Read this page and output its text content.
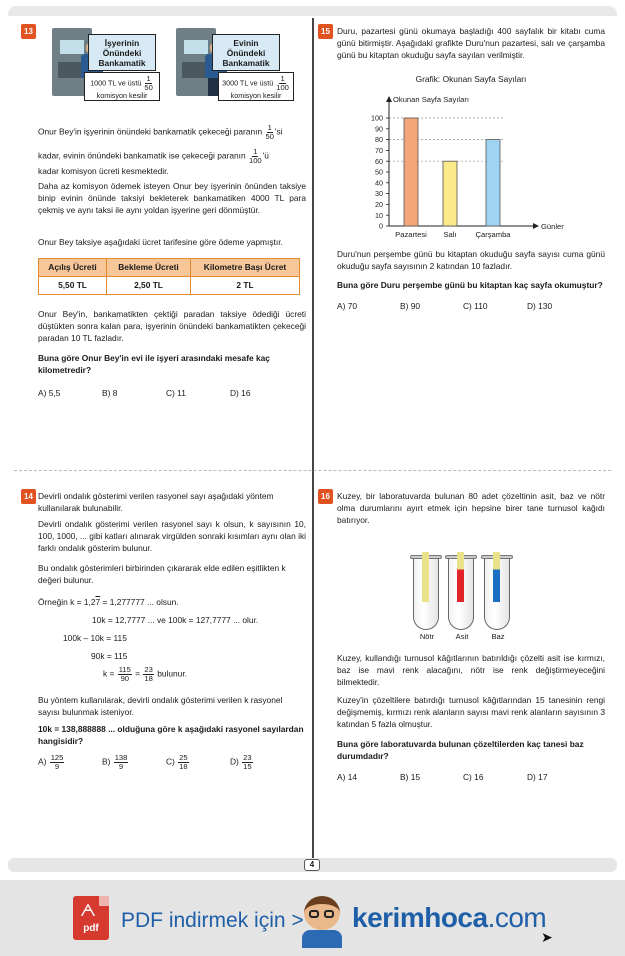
13
İşyerinin Önündeki Bankamatik
1000 TL ve üstü $\frac{1}{50}$

komisyon kesilir
Evinin Önündeki Bankamatik
3000 TL ve üstü $\frac{1}{100}$

komisyon kesilir
Onur Bey'in işyerinin önündeki bankamatik çekeceği paranın $\frac{1}{50}$ 'si
kadar, evinin önündeki bankamatik ise çekeceği paranın $\frac{1}{100}$ 'ü
kadar komisyon ücreti kesmektedir.
Daha az komisyon ödemek isteyen Onur bey işyerinin önünden taksiye binip evinin önünde taksiyi bekleterek bankamatiken 4000 TL para çekmiş ve aynı taksi ile aynı yoldan işyerine geri dönmüştür.
Onur Bey taksiye aşağıdaki ücret tarifesine göre ödeme yapmıştır.
Açılış Ücreti	Bekleme Ücreti	Kilometre Başı Ücret
5,50 TL	2,50 TL	2 TL
Onur Bey'in, bankamatikten çektiği paradan taksiye ödediği ücreti düştükten sonra kalan para, işyerinin önündeki bankamatikten çekeceği paradan 10 TL fazladır.
Buna göre Onur Bey'in evi ile işyeri arasındaki mesafe kaç kilometredir?
A) 5,5	B) 8	C) 11	D) 16
14 Devirli ondalık gösterimi verilen rasyonel sayı aşağıdaki yöntem kullanılarak bulunabilir.
Devirli ondalık gösterimi verilen rasyonel sayı k olsun, k sayısının 10, 100, 1000, ... gibi katları alınarak virgülden sonraki kısımları aynı olan iki farklı ondalık gösterim bulunur.
Bu ondalık gösterimleri birbirinden çıkararak elde edilen eşitlikten k değeri bulunur.
Örneğin k = 1,27 = 1,277777 ... olsun.
10k = 12,7777 ... ve 100k = 127,7777 ... olur.
100k – 10k = 115
90k = 115
$k = \frac{115}{90} = \frac{23}{18}$ bulunur.
Bu yöntem kullanılarak, devirli ondalık gösterimi verilen k rasyonel sayısı bulunmak isteniyor.
10k = 138,888888 ... olduğuna göre k aşağıdaki rasyonel sayılardan hangisidir?
$A) \frac{125}{9}$	$B) \frac{138}{9}$	$C) \frac{25}{18}$	$D) \frac{23}{15}$
15 Duru, pazartesi günü okumaya başladığı 400 sayfalık bir kitabı cuma günü bitirmiştir. Aşağıdaki grafikte Duru'nun pazartesi, salı ve çarşamba günü bu kitaptan okuduğu sayfa sayıları verilmiştir.
Grafik: Okunan Sayfa Sayıları
0
10
20
30
40
50
60
70
80
90
100
Okunan Sayfa Sayıları
Günler
Pazartesi Salı Çarşamba
Duru'nun perşembe günü bu kitaptan okuduğu sayfa sayısı cuma günü okuduğu sayfa sayısının 2 katından 10 fazladır.
Buna göre Duru perşembe günü bu kitaptan kaç sayfa okumuştur?
A) 70	B) 90	C) 110	D) 130
16 Kuzey, bir laboratuvarda bulunan 80 adet çözeltinin asit, baz ve nötr olma durumlarını ayırt etmek için hepsine birer tane turnusol kağıdı batırıyor.
Nötr	Asit	Baz
Kuzey, kullandığı turnusol kâğıtlarının batırıldığı çözelti asit ise kırmızı, baz ise mavi renk alacağını, nötr ise renk değiştirmeyeceğini bilmektedir.
Kuzey'in çözeltilere batırdığı turnusol kâğıtlarından 15 tanesinin rengi değişmemiş, kırmızı renk alanların sayısı mavi renk alanların sayısının 3 katından 5 fazla olmuştur.
Buna göre laboratuvarda bulunan çözeltilerden kaç tanesi baz durumdadır?
A) 14	B) 15	C) 16	D) 17
4
ᗅ
pdf	PDF indirmek için > kerimhoca.com
➤
